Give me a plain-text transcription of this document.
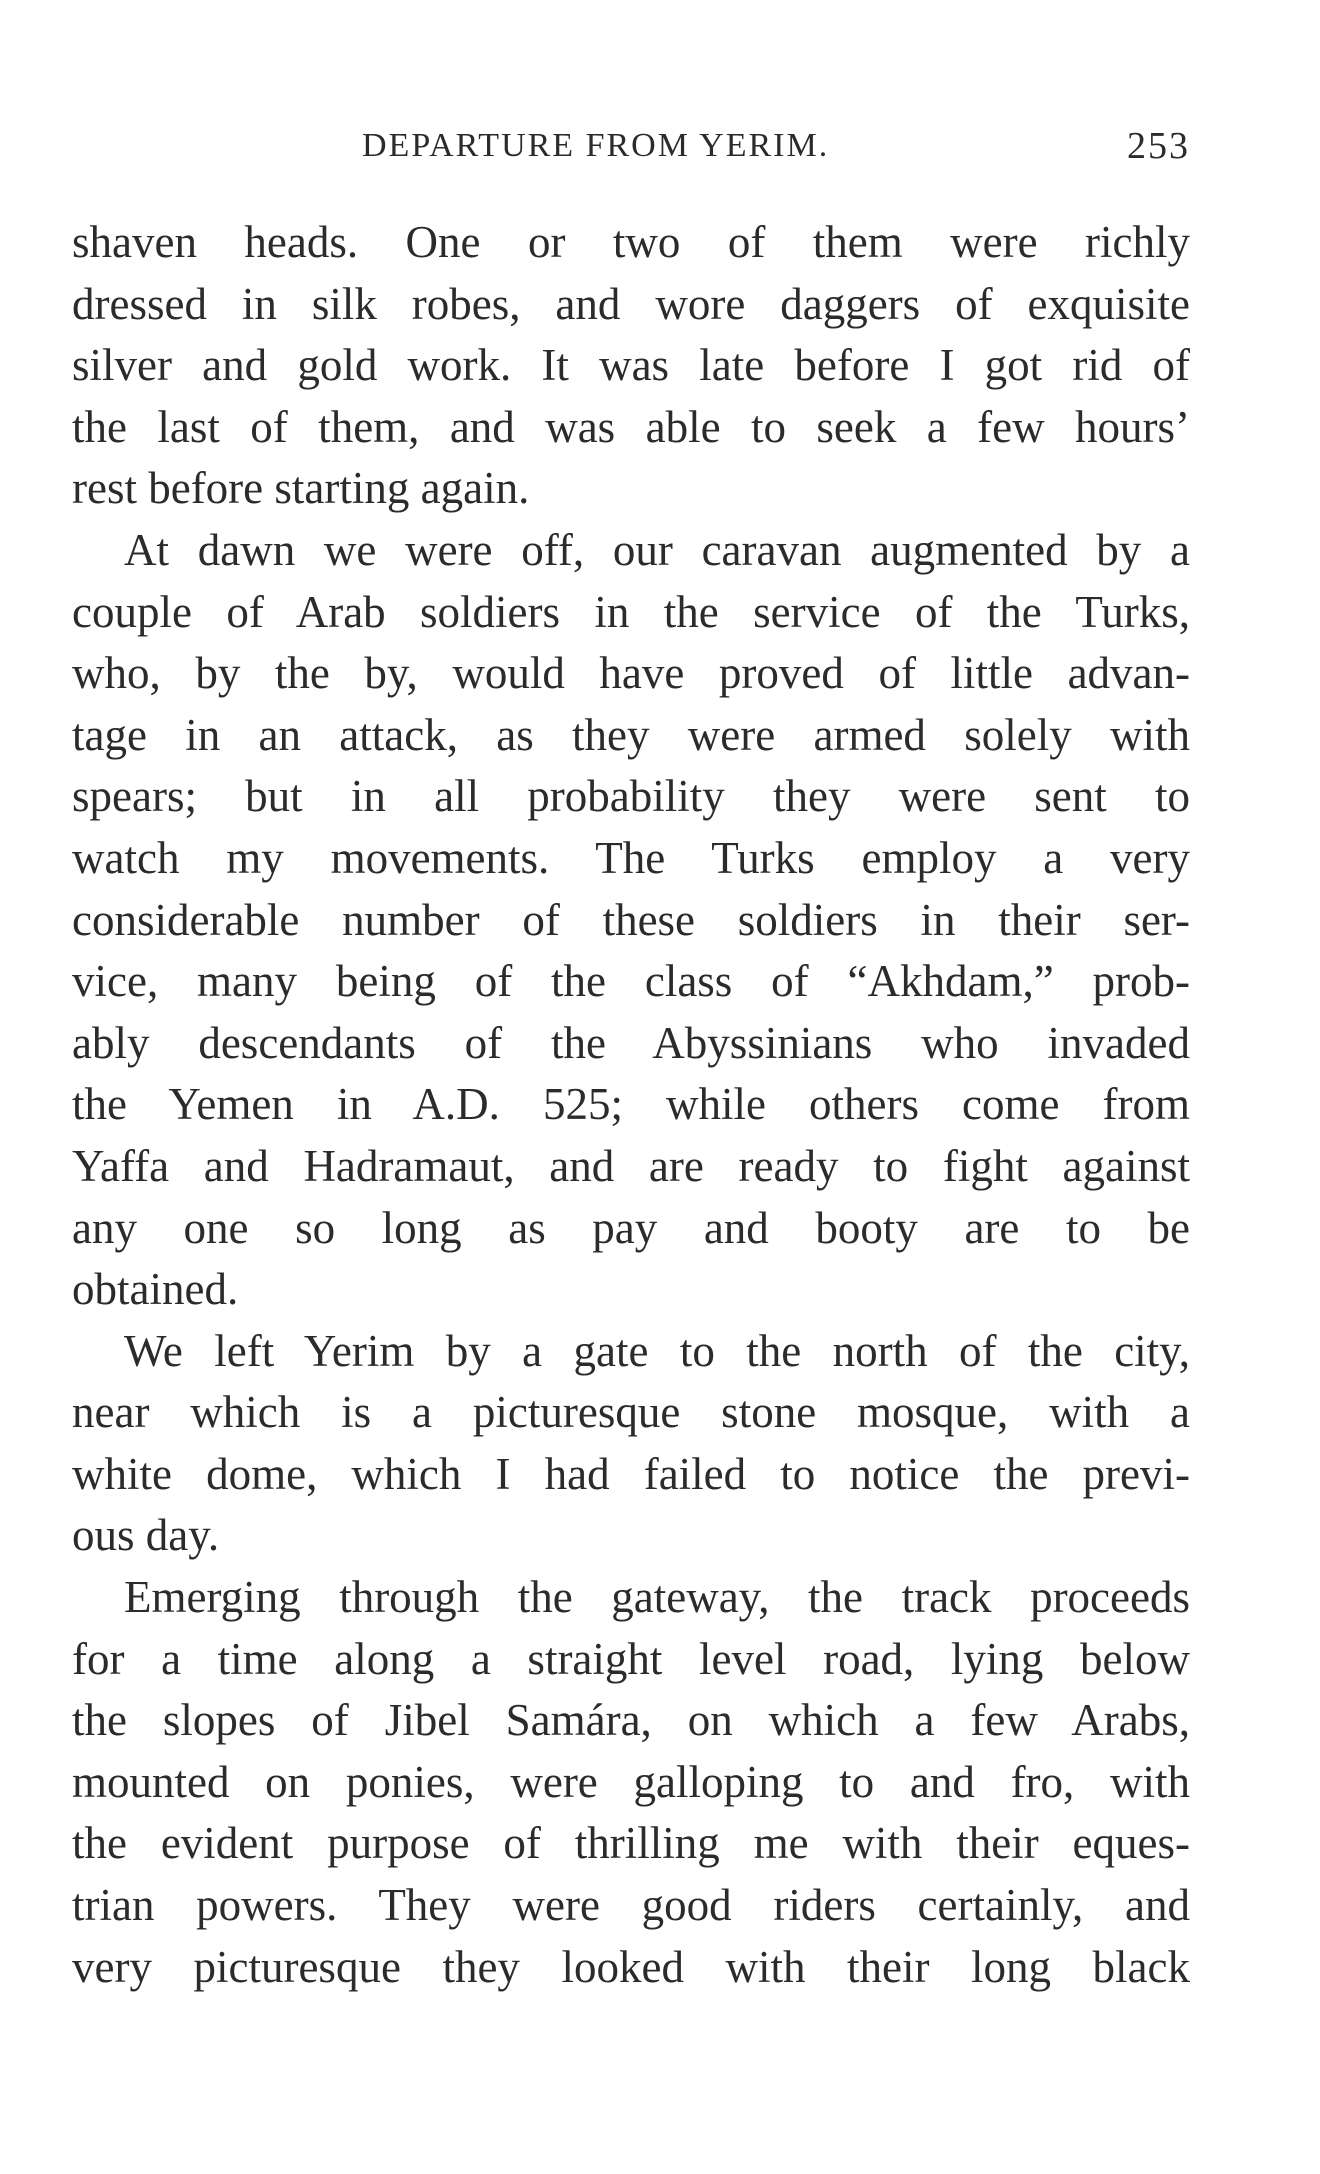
DEPARTURE FROM YERIM.	253
shaven heads. One or two of them were richly
dressed in silk robes, and wore daggers of exquisite
silver and gold work. It was late before I got rid of
the last of them, and was able to seek a few hours’
rest before starting again.
At dawn we were off, our caravan augmented by a
couple of Arab soldiers in the service of the Turks,
who, by the by, would have proved of little advan-
tage in an attack, as they were armed solely with
spears; but in all probability they were sent to
watch my movements. The Turks employ a very
considerable number of these soldiers in their ser-
vice, many being of the class of “Akhdam,” prob-
ably descendants of the Abyssinians who invaded
the Yemen in A.D. 525; while others come from
Yaffa and Hadramaut, and are ready to fight against
any one so long as pay and booty are to be
obtained.
We left Yerim by a gate to the north of the city,
near which is a picturesque stone mosque, with a
white dome, which I had failed to notice the previ-
ous day.
Emerging through the gateway, the track proceeds
for a time along a straight level road, lying below
the slopes of Jibel Samára, on which a few Arabs,
mounted on ponies, were galloping to and fro, with
the evident purpose of thrilling me with their eques-
trian powers. They were good riders certainly, and
very picturesque they looked with their long black
